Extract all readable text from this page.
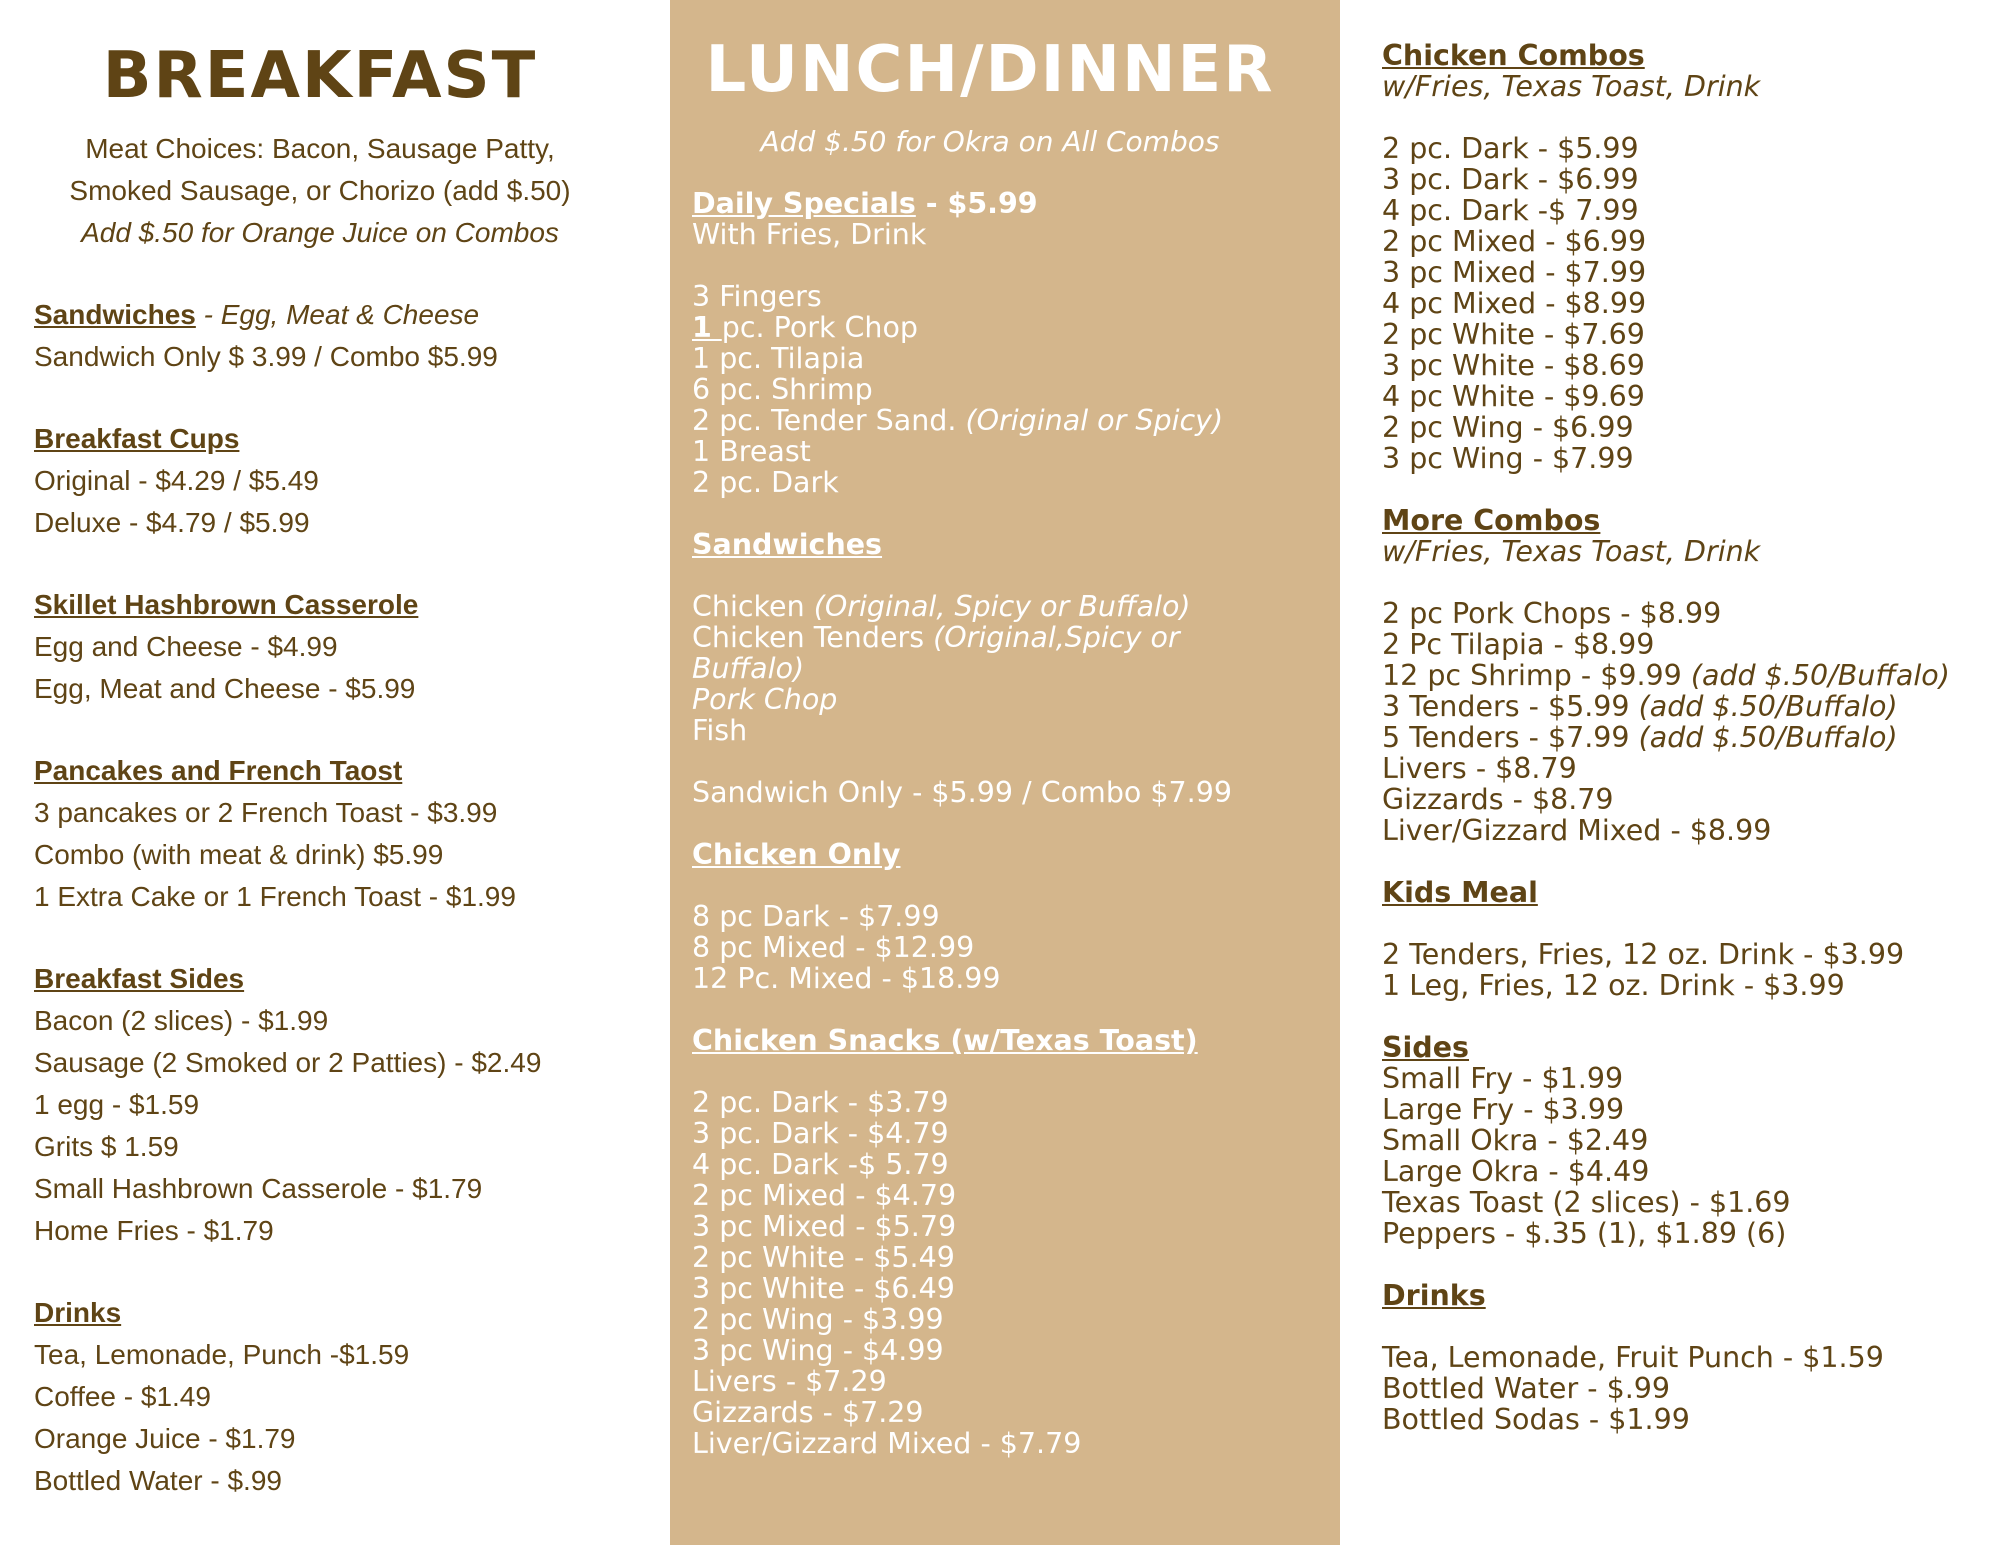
BREAKFAST
Meat Choices: Bacon, Sausage Patty,
Smoked Sausage, or Chorizo (add $.50)
Add $.50 for Orange Juice on Combos
Sandwiches - Egg, Meat & Cheese
Sandwich Only $ 3.99 / Combo $5.99
Breakfast Cups
Original - $4.29 / $5.49
Deluxe - $4.79 / $5.99
Skillet Hashbrown Casserole
Egg and Cheese - $4.99
Egg, Meat and Cheese - $5.99
Pancakes and French Taost
3 pancakes or 2 French Toast - $3.99
Combo (with meat & drink) $5.99
1 Extra Cake or 1 French Toast - $1.99
Breakfast Sides
Bacon (2 slices) - $1.99
Sausage (2 Smoked or 2 Patties) - $2.49
1 egg - $1.59
Grits $ 1.59
Small Hashbrown Casserole - $1.79
Home Fries - $1.79
Drinks
Tea, Lemonade, Punch -$1.59
Coffee - $1.49
Orange Juice - $1.79
Bottled Water - $.99
LUNCH/DINNER
Add $.50 for Okra on All Combos
Daily Specials - $5.99
With Fries, Drink
3 Fingers
1 pc. Pork Chop
1 pc. Tilapia
6 pc. Shrimp
2 pc. Tender Sand. (Original or Spicy)
1 Breast
2 pc. Dark
Sandwiches
Chicken (Original, Spicy or Buffalo)
Chicken Tenders (Original,Spicy or
Buffalo)
Pork Chop
Fish
Sandwich Only - $5.99 / Combo $7.99
Chicken Only
8 pc Dark - $7.99
8 pc Mixed - $12.99
12 Pc. Mixed - $18.99
Chicken Snacks (w/Texas Toast)
2 pc. Dark - $3.79
3 pc. Dark - $4.79
4 pc. Dark -$ 5.79
2 pc Mixed - $4.79
3 pc Mixed - $5.79
2 pc White - $5.49
3 pc White - $6.49
2 pc Wing - $3.99
3 pc Wing - $4.99
Livers - $7.29
Gizzards - $7.29
Liver/Gizzard Mixed - $7.79
Chicken Combos
w/Fries, Texas Toast, Drink
2 pc. Dark - $5.99
3 pc. Dark - $6.99
4 pc. Dark -$ 7.99
2 pc Mixed - $6.99
3 pc Mixed - $7.99
4 pc Mixed - $8.99
2 pc White - $7.69
3 pc White - $8.69
4 pc White - $9.69
2 pc Wing - $6.99
3 pc Wing - $7.99
More Combos
w/Fries, Texas Toast, Drink
2 pc Pork Chops - $8.99
2 Pc Tilapia - $8.99
12 pc Shrimp - $9.99 (add $.50/Buffalo)
3 Tenders - $5.99 (add $.50/Buffalo)
5 Tenders - $7.99 (add $.50/Buffalo)
Livers - $8.79
Gizzards - $8.79
Liver/Gizzard Mixed - $8.99
Kids Meal
2 Tenders, Fries, 12 oz. Drink - $3.99
1 Leg, Fries, 12 oz. Drink - $3.99
Sides
Small Fry - $1.99
Large Fry - $3.99
Small Okra - $2.49
Large Okra - $4.49
Texas Toast (2 slices) - $1.69
Peppers - $.35 (1), $1.89 (6)
Drinks
Tea, Lemonade, Fruit Punch - $1.59
Bottled Water - $.99
Bottled Sodas - $1.99
